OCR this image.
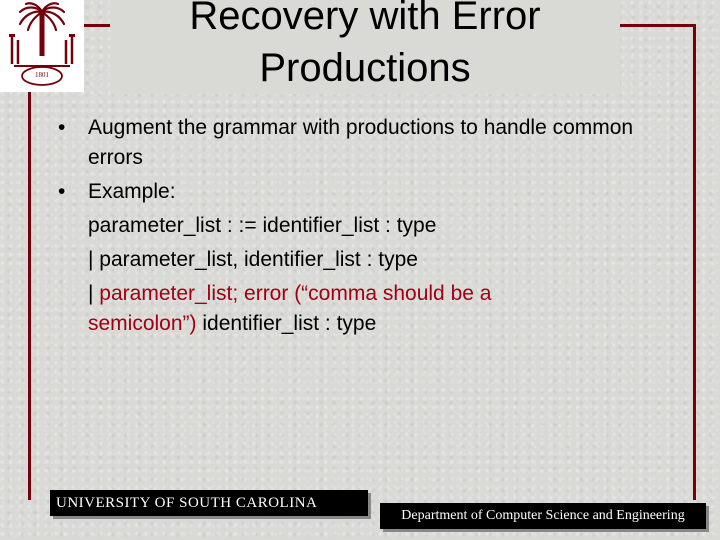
1801
Recovery with Error
Productions
•	Augment the grammar with productions to handle common errors
•	Example:
parameter_list : := identifier_list : type
| parameter_list, identifier_list : type
| parameter_list; error (“comma should be a
semicolon”) identifier_list : type
UNIVERSITY OF SOUTH CAROLINA
Department of Computer Science and Engineering
